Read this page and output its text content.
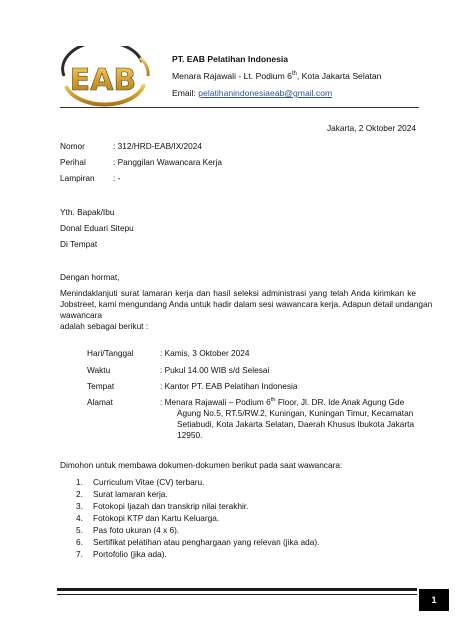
EAB
PT. EAB Pelatihan Indonesia
Menara Rajawali - Lt. Podium 6th, Kota Jakarta Selatan
Email: pelatihanindonesiaeab@gmail.com
Jakarta, 2 Oktober 2024
Nomor	: 312/HRD-EAB/IX/2024
Perihal	: Panggilan Wawancara Kerja
Lampiran : -
Yth. Bapak/Ibu
Donal Eduari Sitepu
Di Tempat
Dengan hormat,
Menindaklanjuti surat lamaran kerja dan hasil seleksi administrasi yang telah Anda kirimkan ke
Jobstreet, kami mengundang Anda untuk hadir dalam sesi wawancara kerja. Adapun detail undangan
wawancara
adalah sebagai berikut :
Hari/Tanggal	: Kamis, 3 Oktober 2024
Waktu	: Pukul 14.00 WIB s/d Selesai
Tempat	: Kantor PT. EAB Pelatihan Indonesia
Alamat	: Menara Rajawali – Podium 6th Floor, Jl. DR. Ide Anak Agung Gde
Agung No.5, RT.5/RW.2, Kuningan, Kuningan Timur, Kecamatan
Setiabudi, Kota Jakarta Selatan, Daerah Khusus Ibukota Jakarta
12950.
Dimohon untuk membawa dokumen-dokumen berikut pada saat wawancara:
1. Curriculum Vitae (CV) terbaru.
2. Surat lamaran kerja.
3. Fotokopi Ijazah dan transkrip nilai terakhir.
4. Fotokopi KTP dan Kartu Keluarga.
5. Pas foto ukuran (4 x 6).
6. Sertifikat pelatihan atau penghargaan yang relevan (jika ada).
7. Portofolio (jika ada).
1
